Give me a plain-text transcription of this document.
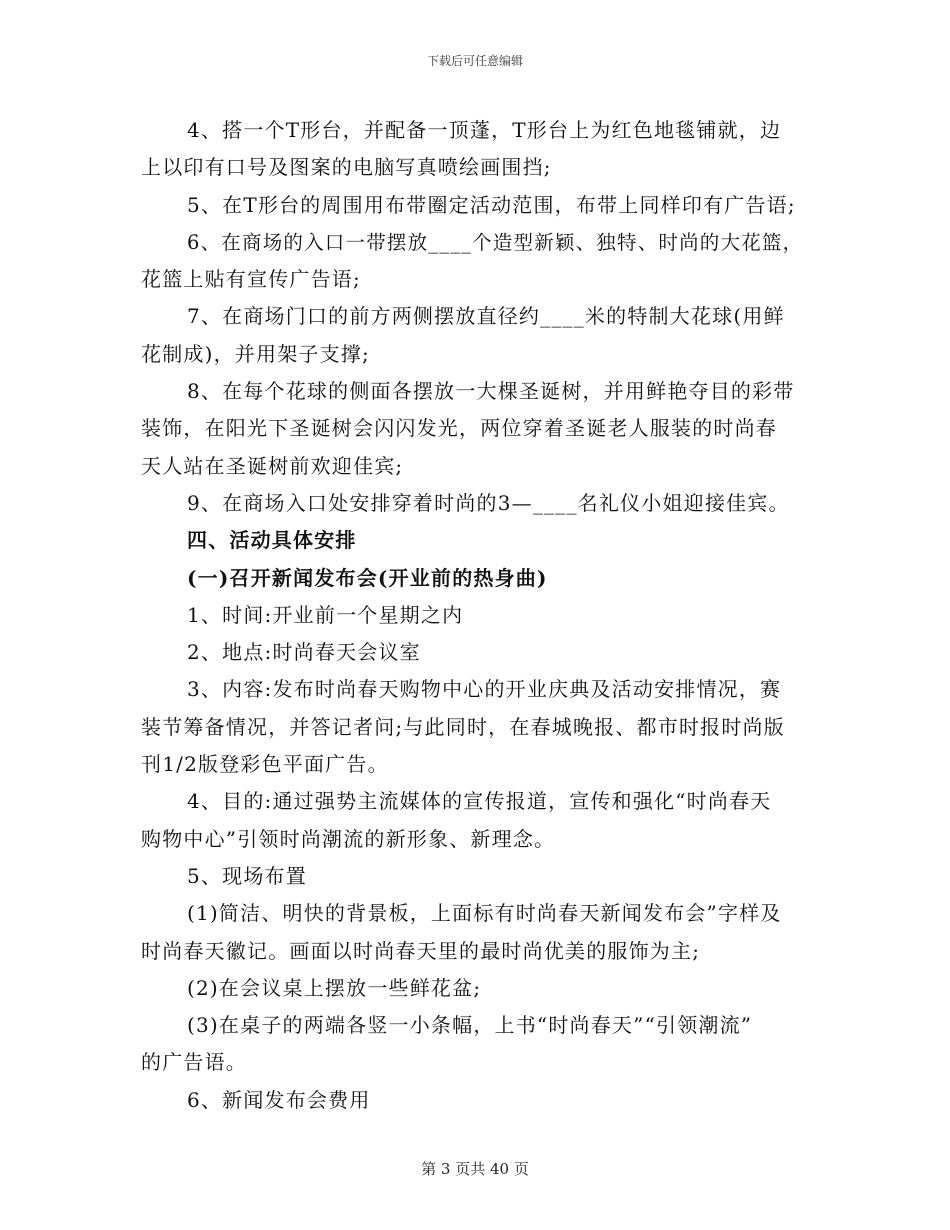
下载后可任意编辑
4、搭一个T形台，并配备一顶蓬，T形台上为红色地毯铺就，边
上以印有口号及图案的电脑写真喷绘画围挡;
5、在T形台的周围用布带圈定活动范围，布带上同样印有广告语;
6、在商场的入口一带摆放____个造型新颖、独特、时尚的大花篮，
花篮上贴有宣传广告语;
7、在商场门口的前方两侧摆放直径约____米的特制大花球(用鲜
花制成)，并用架子支撑;
8、在每个花球的侧面各摆放一大棵圣诞树，并用鲜艳夺目的彩带
装饰，在阳光下圣诞树会闪闪发光，两位穿着圣诞老人服装的时尚春
天人站在圣诞树前欢迎佳宾;
9、在商场入口处安排穿着时尚的3—____名礼仪小姐迎接佳宾。
四、活动具体安排
(一)召开新闻发布会(开业前的热身曲)
1、时间:开业前一个星期之内
2、地点:时尚春天会议室
3、内容:发布时尚春天购物中心的开业庆典及活动安排情况，赛
装节筹备情况，并答记者问;与此同时，在春城晚报、都市时报时尚版
刊1/2版登彩色平面广告。
4、目的:通过强势主流媒体的宣传报道，宣传和强化“时尚春天
购物中心”引领时尚潮流的新形象、新理念。
5、现场布置
(1)简洁、明快的背景板，上面标有时尚春天新闻发布会”字样及
时尚春天徽记。画面以时尚春天里的最时尚优美的服饰为主;
(2)在会议桌上摆放一些鲜花盆;
(3)在桌子的两端各竖一小条幅，上书“时尚春天”“引领潮流”
的广告语。
6、新闻发布会费用
第 3 页共 40 页
